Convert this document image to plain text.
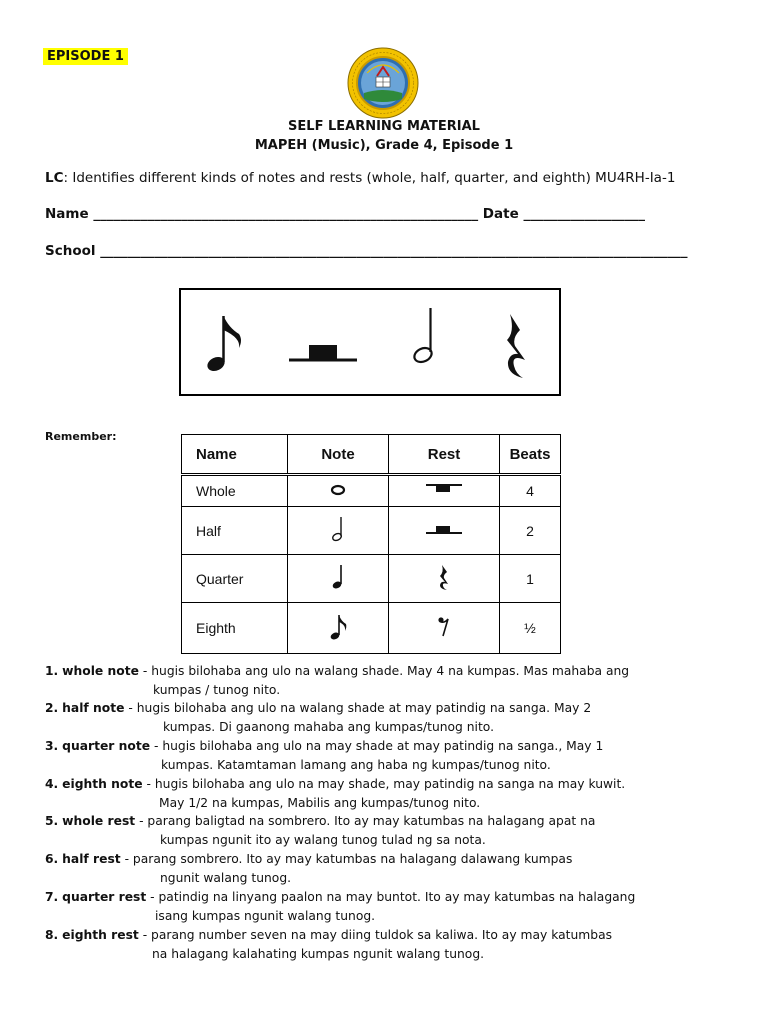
EPISODE 1
SELF LEARNING MATERIAL
MAPEH (Music), Grade 4, Episode 1
LC: Identifies different kinds of notes and rests (whole, half, quarter, and eighth) MU4RH-Ia-1
Name _________________________________________________________ Date __________________
School _______________________________________________________________________________________
Remember:
Name	Note	Rest	Beats
Whole			4
Half			2
Quarter			1
Eighth			½
1. whole note - hugis bilohaba ang ulo na walang shade. May 4 na kumpas. Mas mahaba ang
kumpas / tunog nito.
2. half note - hugis bilohaba ang ulo na walang shade at may patindig na sanga. May 2
kumpas. Di gaanong mahaba ang kumpas/tunog nito.
3. quarter note - hugis bilohaba ang ulo na may shade at may patindig na sanga., May 1
kumpas. Katamtaman lamang ang haba ng kumpas/tunog nito.
4. eighth note - hugis bilohaba ang ulo na may shade, may patindig na sanga na may kuwit.
May 1/2 na kumpas, Mabilis ang kumpas/tunog nito.
5. whole rest - parang baligtad na sombrero. Ito ay may katumbas na halagang apat na
kumpas ngunit ito ay walang tunog tulad ng sa nota.
6. half rest - parang sombrero. Ito ay may katumbas na halagang dalawang kumpas
ngunit walang tunog.
7. quarter rest - patindig na linyang paalon na may buntot. Ito ay may katumbas na halagang
isang kumpas ngunit walang tunog.
8. eighth rest - parang number seven na may diing tuldok sa kaliwa. Ito ay may katumbas
na halagang kalahating kumpas ngunit walang tunog.
